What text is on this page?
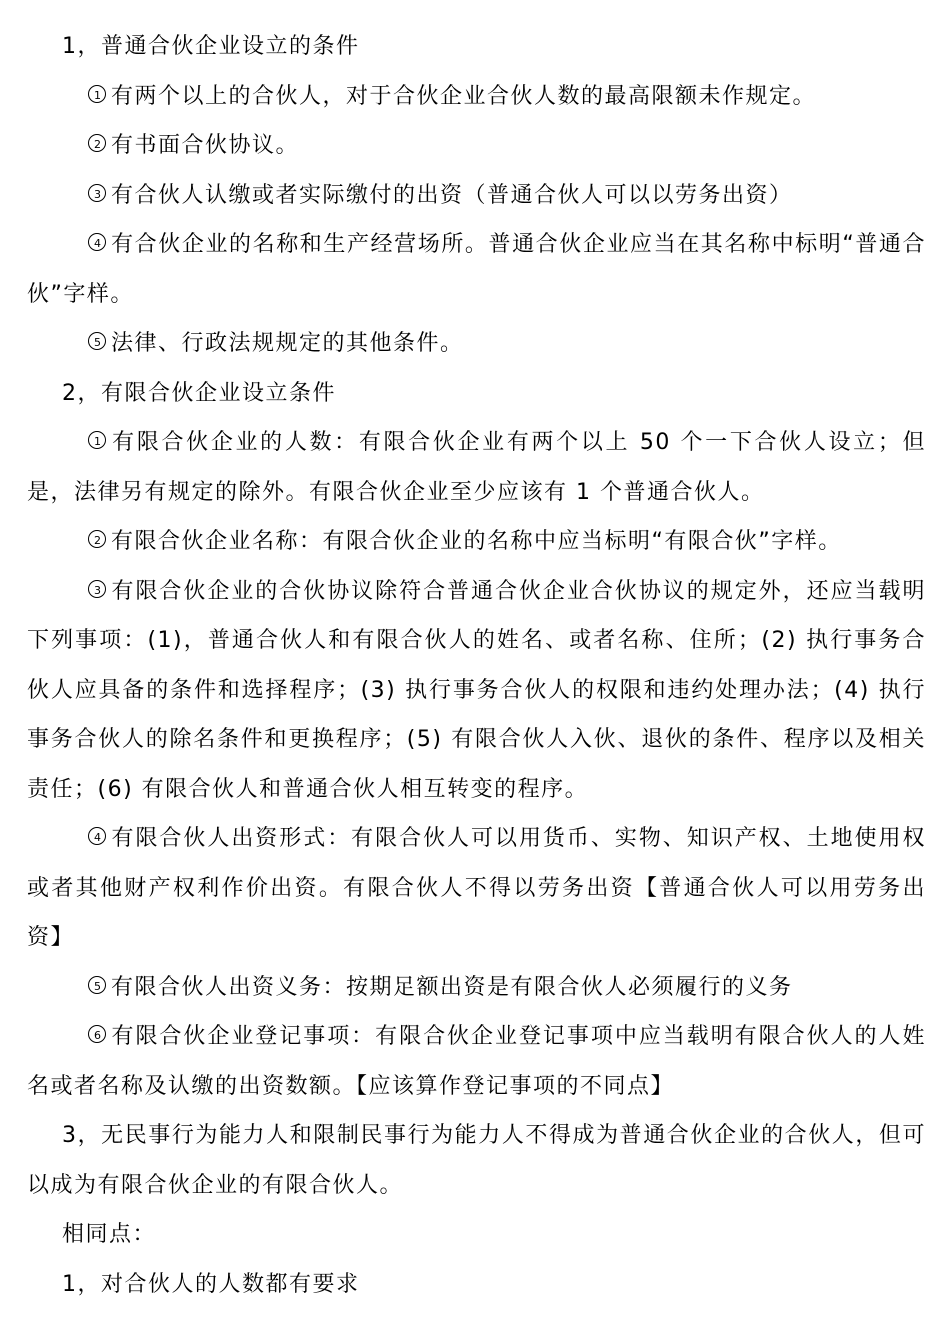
1，普通合伙企业设立的条件

1 有两个以上的合伙人，对于合伙企业合伙人数的最高限额未作规定。

2 有书面合伙协议。

3 有合伙人认缴或者实际缴付的出资（普通合伙人可以以劳务出资）

4 有合伙企业的名称和生产经营场所。普通合伙企业应当在其名称中标明“普通合伙”字样。

5 法律、行政法规规定的其他条件。

2，有限合伙企业设立条件

1 有限合伙企业的人数：有限合伙企业有两个以上 50 个一下合伙人设立；但是，法律另有规定的除外。有限合伙企业至少应该有 1 个普通合伙人。

2 有限合伙企业名称：有限合伙企业的名称中应当标明“有限合伙”字样。

3 有限合伙企业的合伙协议除符合普通合伙企业合伙协议的规定外，还应当载明下列事项：(1)，普通合伙人和有限合伙人的姓名、或者名称、住所；(2) 执行事务合伙人应具备的条件和选择程序；(3) 执行事务合伙人的权限和违约处理办法；(4) 执行事务合伙人的除名条件和更换程序；(5) 有限合伙人入伙、退伙的条件、程序以及相关责任；(6) 有限合伙人和普通合伙人相互转变的程序。

4 有限合伙人出资形式：有限合伙人可以用货币、实物、知识产权、土地使用权或者其他财产权利作价出资。有限合伙人不得以劳务出资【普通合伙人可以用劳务出资】

5 有限合伙人出资义务：按期足额出资是有限合伙人必须履行的义务

6 有限合伙企业登记事项：有限合伙企业登记事项中应当载明有限合伙人的人姓名或者名称及认缴的出资数额。【应该算作登记事项的不同点】

3，无民事行为能力人和限制民事行为能力人不得成为普通合伙企业的合伙人，但可以成为有限合伙企业的有限合伙人。

相同点：

1，对合伙人的人数都有要求
